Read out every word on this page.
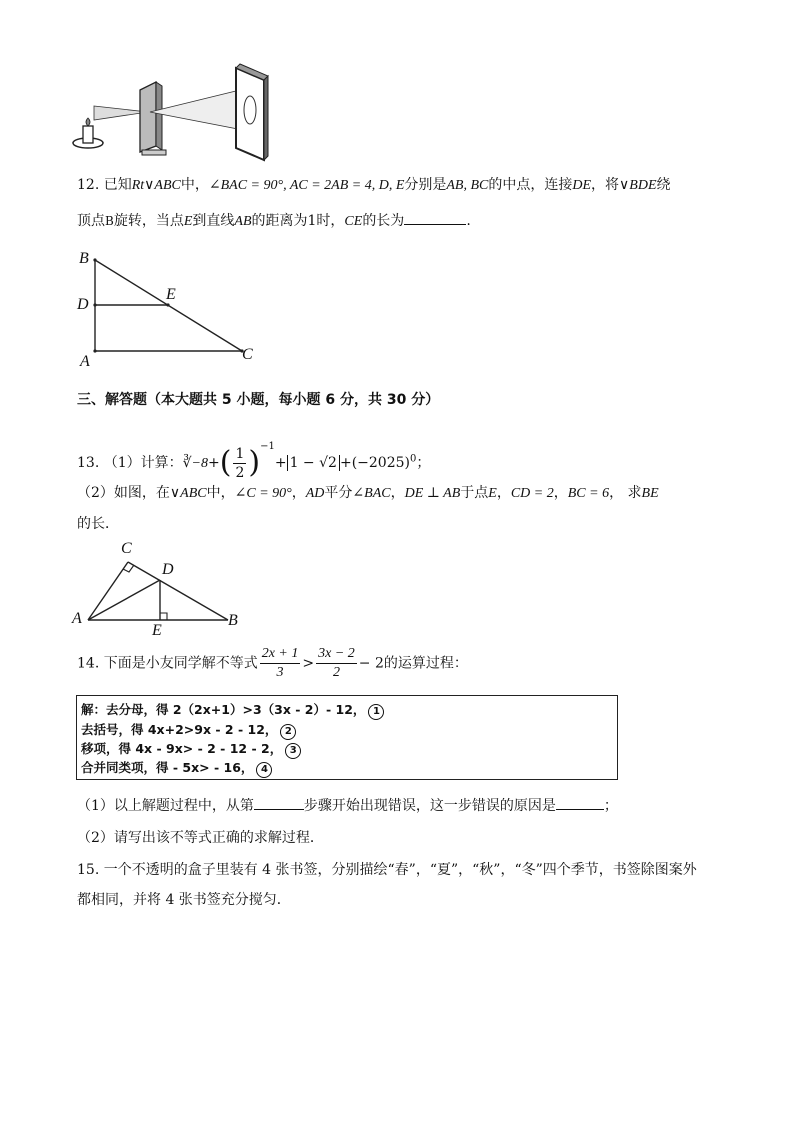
12. 已知Rt∨ABC中，∠BAC = 90°, AC = 2AB = 4, D, E分别是AB, BC的中点，连接DE，将∨BDE绕
顶点B旋转，当点E到直线AB的距离为1时，CE的长为	.
B
D
E
A	C
三、解答题（本大题共 5 小题，每小题 6 分，共 30 分）
13. （1）计算：∛−8+( $\frac{1}{2} )^{-1}+ 1 - √2 +(-2025)^0$；
（2）如图，在∨ABC中，∠C = 90°，AD平分∠BAC，DE ⊥ AB于点E，CD = 2，BC = 6， 求BE
的长．
C
D
A
E
B
14. 下面是小友同学解不等式 $\frac{2x + 1}{3} > \frac{3x - 2}{2} - 2$的运算过程：
解：去分母，得 2（2x+1）>3（3x - 2）- 12， 1
去括号，得 4x+2>9x - 2 - 12， 2
移项，得 4x - 9x> - 2 - 12 - 2， 3
合并同类项，得 - 5x> - 16， 4
（1）以上解题过程中，从第	步骤开始出现错误，这一步错误的原因是	；
（2）请写出该不等式正确的求解过程．
15. 一个不透明的盒子里装有 4 张书签，分别描绘“春”，“夏”，“秋”，“冬”四个季节，书签除图案外
都相同，并将 4 张书签充分搅匀．
